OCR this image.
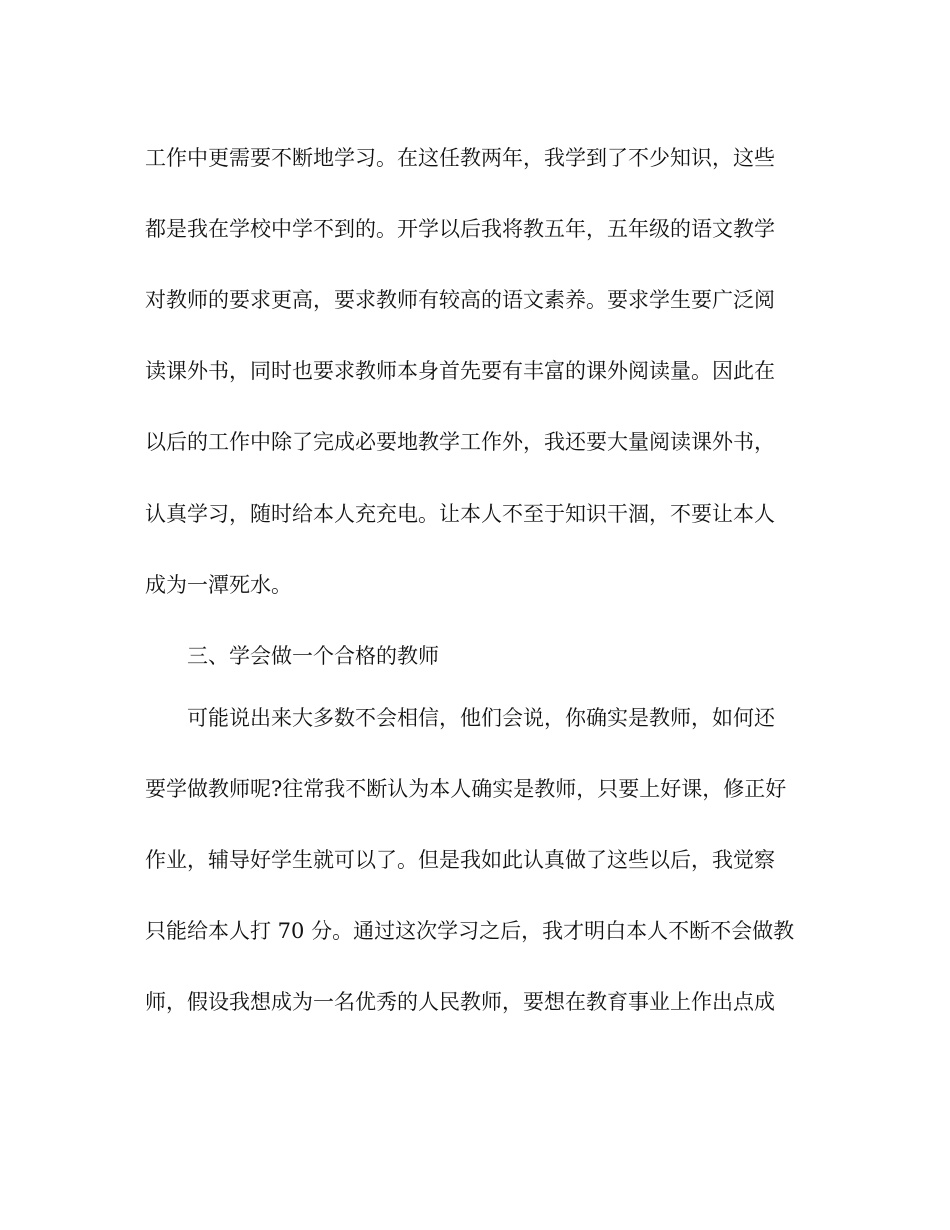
工作中更需要不断地学习。在这任教两年，我学到了不少知识，这些

都是我在学校中学不到的。开学以后我将教五年，五年级的语文教学

对教师的要求更高，要求教师有较高的语文素养。要求学生要广泛阅

读课外书，同时也要求教师本身首先要有丰富的课外阅读量。因此在

以后的工作中除了完成必要地教学工作外，我还要大量阅读课外书，

认真学习，随时给本人充充电。让本人不至于知识干涸，不要让本人

成为一潭死水。

三、学会做一个合格的教师

可能说出来大多数不会相信，他们会说，你确实是教师，如何还

要学做教师呢?往常我不断认为本人确实是教师，只要上好课，修正好

作业，辅导好学生就可以了。但是我如此认真做了这些以后，我觉察

只能给本人打 70 分。通过这次学习之后，我才明白本人不断不会做教

师，假设我想成为一名优秀的人民教师，要想在教育事业上作出点成
